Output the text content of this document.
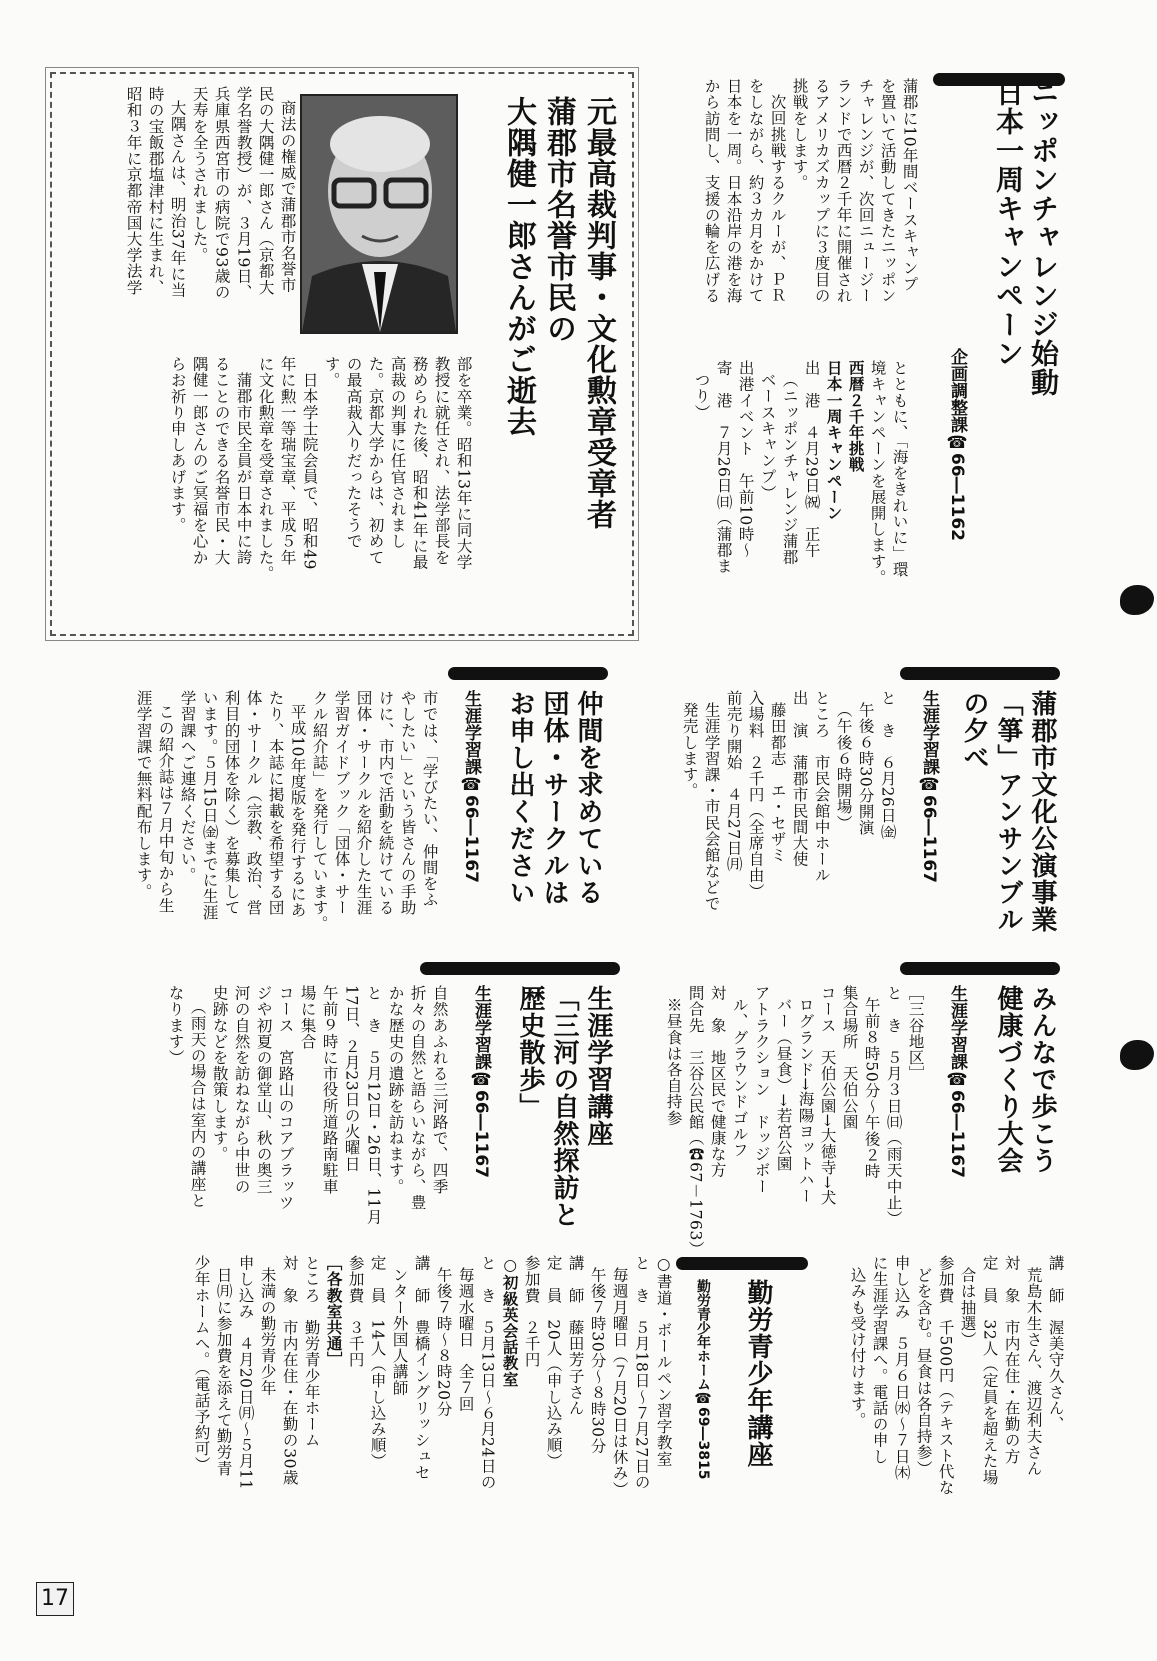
ニッポンチャレンジ始動
日本一周キャンペーン
企画調整課☎66―1162
蒲郡に10年間ベースキャンプ
を置いて活動してきたニッポン
チャレンジが、次回ニュージー
ランドで西暦２千年に開催され
るアメリカズカップに３度目の
挑戦をします。
次回挑戦するクルーが、ＰＲ
をしながら、約３カ月をかけて
日本を一周。日本沿岸の港を海
から訪問し、支援の輪を広げる
とともに、「海をきれいに」環
境キャンペーンを展開します。
西暦２千年挑戦
日本一周キャンペーン
出　港　４月29日㈷　正午
（ニッポンチャレンジ蒲郡
ベースキャンプ）
出港イベント　午前10時～
寄　港　７月26日㈰（蒲郡ま
つり）
元最高裁判事・文化勲章受章者
蒲郡市名誉市民の
大隅健一郎さんがご逝去
商法の権威で蒲郡市名誉市
民の大隅健一郎さん（京都大
学名誉教授）が、３月19日、
兵庫県西宮市の病院で93歳の
天寿を全うされました。
大隅さんは、明治37年に当
時の宝飯郡塩津村に生まれ、
昭和３年に京都帝国大学法学
部を卒業。昭和13年に同大学
教授に就任され、法学部長を
務められた後、昭和41年に最
高裁の判事に任官されまし
た。京都大学からは、初めて
の最高裁入りだったそうで
す。
日本学士院会員で、昭和49
年に勲一等瑞宝章、平成５年
に文化勲章を受章されました。
蒲郡市民全員が日本中に誇
ることのできる名誉市民・大
隅健一郎さんのご冥福を心か
らお祈り申しあげます。
蒲郡市文化公演事業
「箏」アンサンブル
の夕べ
生涯学習課☎66―1167
と　き　６月26日㈮
午後６時30分開演
（午後６時開場）
ところ　市民会館中ホール
出　演　蒲郡市民間大使
藤田都志　エ・セザミ
入場料　２千円（全席自由）
前売り開始　４月27日㈪
生涯学習課・市民会館などで
発売します。
仲間を求めている
団体・サークルは
お申し出ください
生涯学習課☎66―1167
市では、「学びたい、仲間をふ
やしたい」という皆さんの手助
けに、市内で活動を続けている
団体・サークルを紹介した生涯
学習ガイドブック「団体・サー
クル紹介誌」を発行しています。
平成10年度版を発行するにあ
たり、本誌に掲載を希望する団
体・サークル（宗教、政治、営
利目的団体を除く）を募集して
います。５月15日㈮までに生涯
学習課へご連絡ください。
この紹介誌は７月中旬から生
涯学習課で無料配布します。
みんなで歩こう
健康づくり大会
生涯学習課☎66―1167
［三谷地区］
と　き　５月３日㈰（雨天中止）
午前８時50分～午後２時
集合場所　天伯公園
コース　天伯公園→大徳寺→犬
ログランド→海陽ヨットハー
バー（昼食）→若宮公園
アトラクション　ドッジボー
ル、グラウンドゴルフ
対　象　地区民で健康な方
問合先　三谷公民館（☎67－1763）
※昼食は各自持参
生涯学習講座
「三河の自然探訪と
歴史散歩」
生涯学習課☎66―1167
自然あふれる三河路で、四季
折々の自然と語らいながら、豊
かな歴史の遺跡を訪ねます。
と　き　５月12日・26日、11月
17日、２月23日の火曜日
午前９時に市役所道路南駐車
場に集合
コース　宮路山のコアブラッツ
ジや初夏の御堂山、秋の奥三
河の自然を訪ねながら中世の
史跡などを散策します。
（雨天の場合は室内の講座と
なります）
講　師　渥美守久さん、
荒島木生さん、渡辺利夫さん
対　象　市内在住・在勤の方
定　員　32人（定員を超えた場
合は抽選）
参加費　千500円（テキスト代な
どを含む。昼食は各自持参）
申し込み　５月６日㈬～７日㈭
に生涯学習課へ。電話の申し
込みも受け付けます。
勤労青少年講座
勤労青少年ホーム☎69―3815
○書道・ボールペン習字教室
と　き　５月18日～７月27日の
毎週月曜日（７月20日は休み）
午後７時30分～８時30分
講　師　藤田芳子さん
定　員　20人（申し込み順）
参加費　２千円
○初級英会話教室
と　き　５月13日～６月24日の
毎週水曜日　全７回
午後７時～８時20分
講　師　豊橋イングリッシュセ
ンター外国人講師
定　員　14人（申し込み順）
参加費　３千円
［各教室共通］
ところ　勤労青少年ホーム
対　象　市内在住・在勤の30歳
未満の勤労青少年
申し込み　４月20日㈪～５月11
日㈪に参加費を添えて勤労青
少年ホームへ。（電話予約可）
17
